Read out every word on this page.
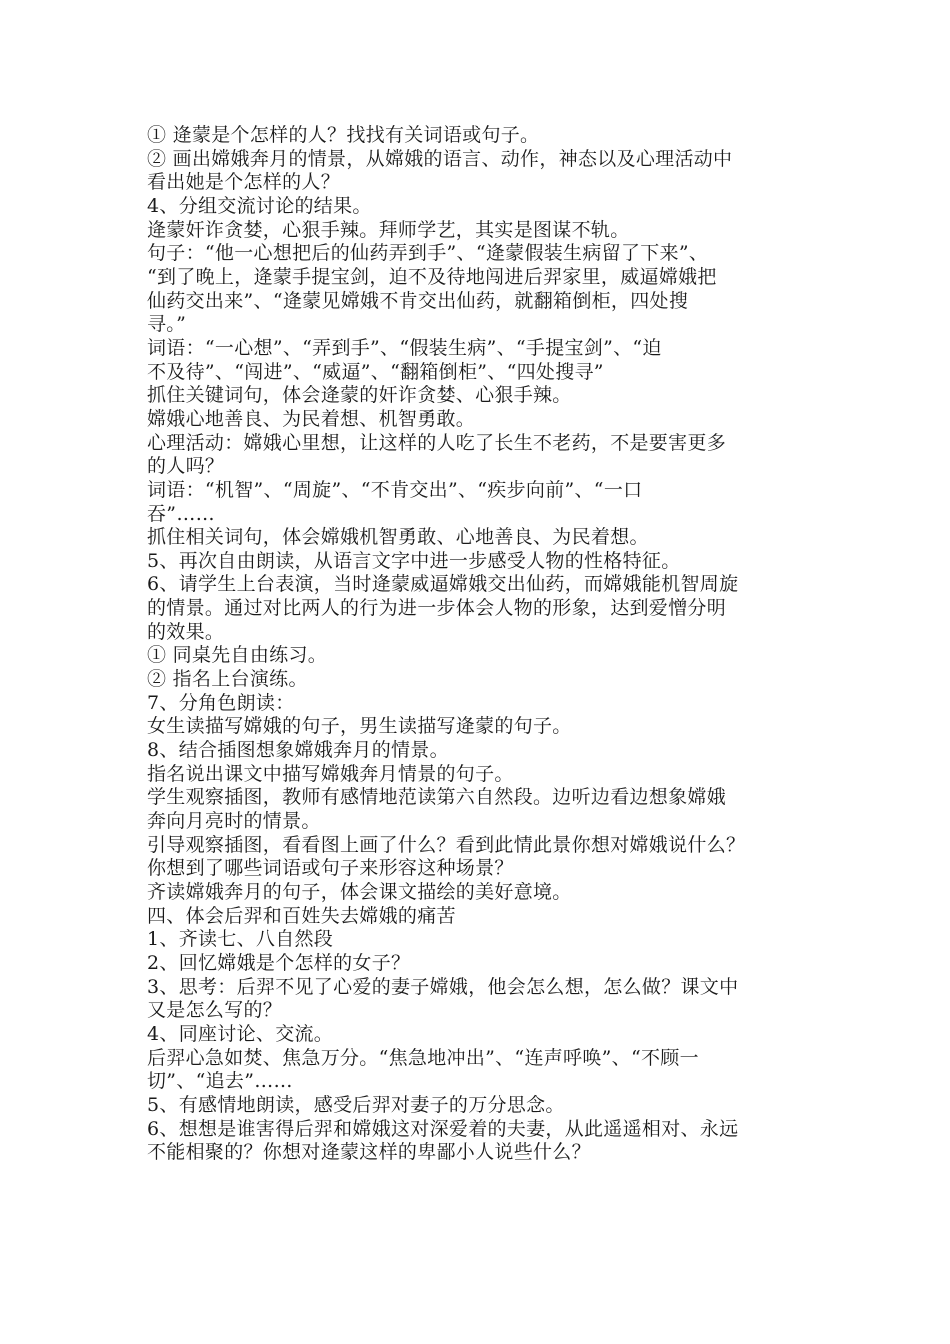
① 逄蒙是个怎样的人？找找有关词语或句子。
② 画出嫦娥奔月的情景，从嫦娥的语言、动作，神态以及心理活动中
看出她是个怎样的人？
4、分组交流讨论的结果。
逄蒙奸诈贪婪，心狠手辣。拜师学艺，其实是图谋不轨。
句子：“他一心想把后的仙药弄到手”、“逄蒙假装生病留了下来”、
“到了晚上，逄蒙手提宝剑，迫不及待地闯进后羿家里，威逼嫦娥把
仙药交出来”、“逄蒙见嫦娥不肯交出仙药，就翻箱倒柜，四处搜
寻。”
词语：“一心想”、“弄到手”、“假装生病”、“手提宝剑”、“迫
不及待”、“闯进”、“威逼”、“翻箱倒柜”、“四处搜寻”
抓住关键词句，体会逄蒙的奸诈贪婪、心狠手辣。
嫦娥心地善良、为民着想、机智勇敢。
心理活动：嫦娥心里想，让这样的人吃了长生不老药，不是要害更多
的人吗？
词语：“机智”、“周旋”、“不肯交出”、“疾步向前”、“一口
吞”……
抓住相关词句，体会嫦娥机智勇敢、心地善良、为民着想。
5、再次自由朗读，从语言文字中进一步感受人物的性格特征。
6、请学生上台表演，当时逄蒙威逼嫦娥交出仙药，而嫦娥能机智周旋
的情景。通过对比两人的行为进一步体会人物的形象，达到爱憎分明
的效果。
① 同桌先自由练习。
② 指名上台演练。
7、分角色朗读：
女生读描写嫦娥的句子，男生读描写逄蒙的句子。
8、结合插图想象嫦娥奔月的情景。
指名说出课文中描写嫦娥奔月情景的句子。
学生观察插图，教师有感情地范读第六自然段。边听边看边想象嫦娥
奔向月亮时的情景。
引导观察插图，看看图上画了什么？看到此情此景你想对嫦娥说什么？
你想到了哪些词语或句子来形容这种场景？
齐读嫦娥奔月的句子，体会课文描绘的美好意境。
四、体会后羿和百姓失去嫦娥的痛苦
1、齐读七、八自然段
2、回忆嫦娥是个怎样的女子？
3、思考：后羿不见了心爱的妻子嫦娥，他会怎么想，怎么做？课文中
又是怎么写的？
4、同座讨论、交流。
后羿心急如焚、焦急万分。“焦急地冲出”、“连声呼唤”、“不顾一
切”、“追去”……
5、有感情地朗读，感受后羿对妻子的万分思念。
6、想想是谁害得后羿和嫦娥这对深爱着的夫妻，从此遥遥相对、永远
不能相聚的？你想对逄蒙这样的卑鄙小人说些什么？
